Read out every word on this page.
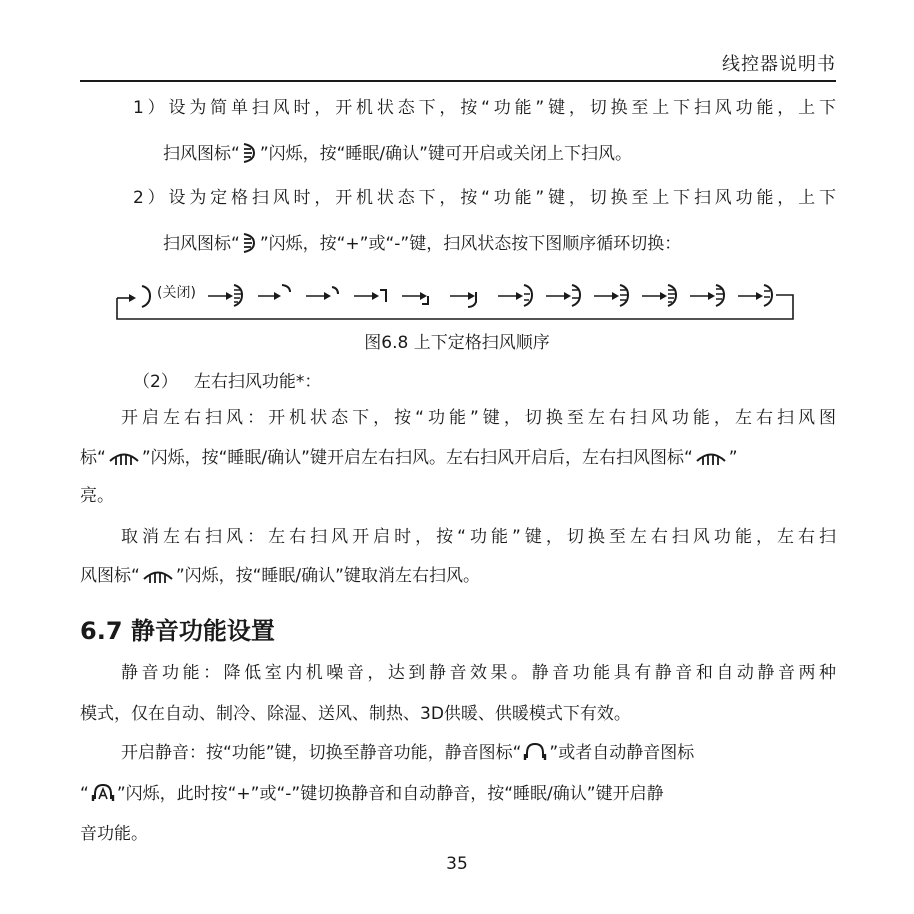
线控器说明书
1）设为简单扫风时，开机状态下，按“功能”键，切换至上下扫风功能，上下
扫风图标“ ”闪烁，按“睡眠/确认”键可开启或关闭上下扫风。
2）设为定格扫风时，开机状态下，按“功能”键，切换至上下扫风功能，上下
扫风图标“ ”闪烁，按“+”或“-”键，扫风状态按下图顺序循环切换：
(关闭)
图6.8 上下定格扫风顺序
（2） 左右扫风功能*：
开启左右扫风：开机状态下，按“功能”键，切换至左右扫风功能，左右扫风图
标“ ”闪烁，按“睡眠/确认”键开启左右扫风。左右扫风开启后，左右扫风图标“ ”
亮。
取消左右扫风：左右扫风开启时，按“功能”键，切换至左右扫风功能，左右扫
风图标“ ”闪烁，按“睡眠/确认”键取消左右扫风。
6.7 静音功能设置
静音功能：降低室内机噪音，达到静音效果。静音功能具有静音和自动静音两种
模式，仅在自动、制冷、除湿、送风、制热、3D供暖、供暖模式下有效。
开启静音：按“功能”键，切换至静音功能，静音图标“ ”或者自动静音图标
“ ”闪烁，此时按“+”或“-”键切换静音和自动静音，按“睡眠/确认”键开启静
音功能。
35
